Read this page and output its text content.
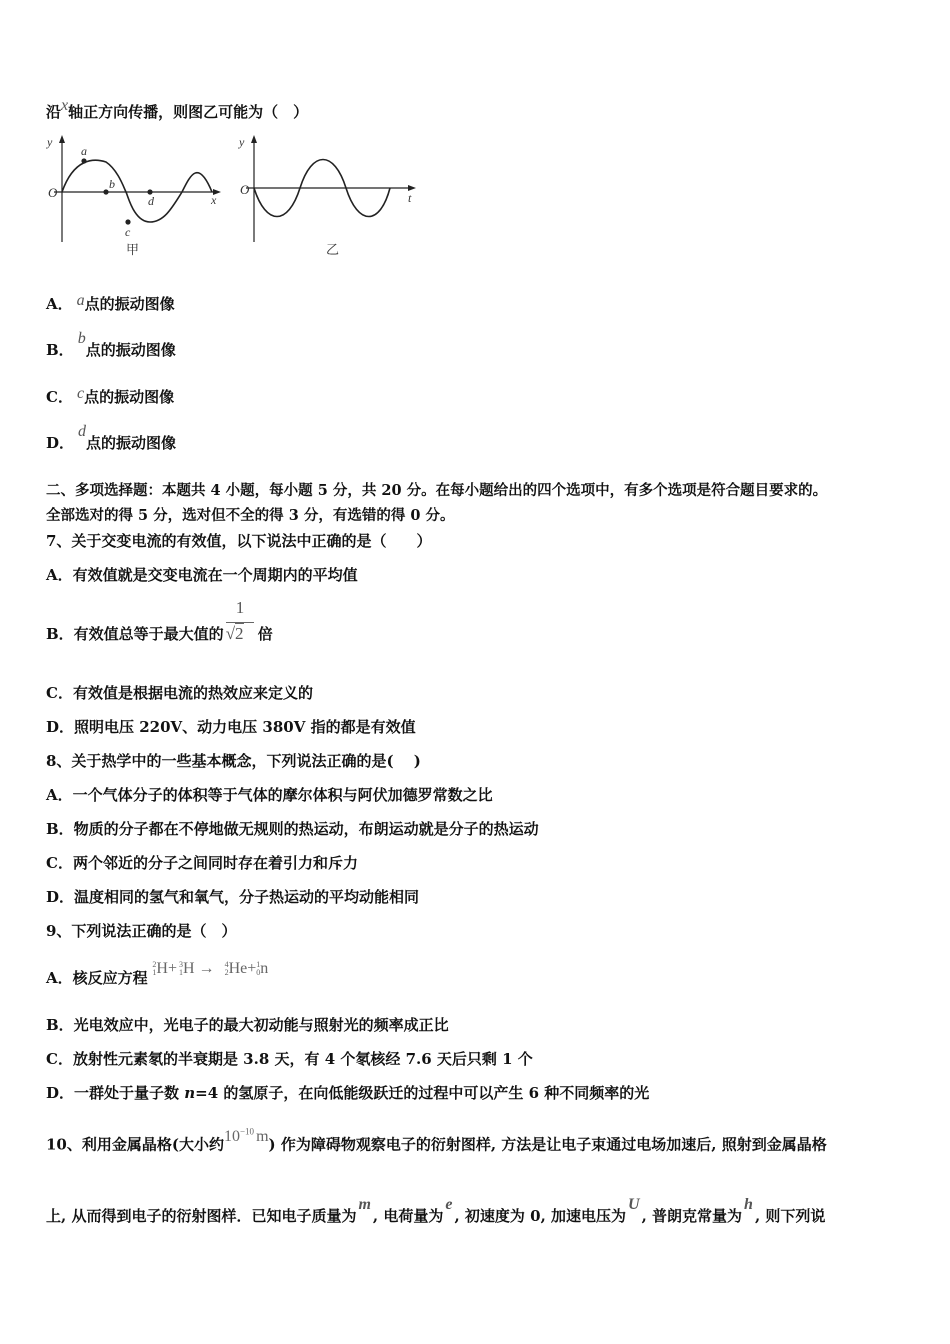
沿x轴正方向传播，则图乙可能为（　）
y
O	x
a
b
c
d
甲
y
O
t
乙
A． a点的振动图像
B．b点的振动图像
C． c点的振动图像
D．d点的振动图像
二、多项选择题：本题共 4 小题，每小题 5 分，共 20 分。在每小题给出的四个选项中，有多个选项是符合题目要求的。
全部选对的得 5 分，选对但不全的得 3 分，有选错的得 0 分。
7、关于交变电流的有效值，以下说法中正确的是（　　）
A．有效值就是交变电流在一个周期内的平均值
B．有效值总等于最大值的 $\frac{1}{√2}$ 倍
C．有效值是根据电流的热效应来定义的
D．照明电压 220V、动力电压 380V 指的都是有效值
8、关于热学中的一些基本概念，下列说法正确的是(　 )
A．一个气体分子的体积等于气体的摩尔体积与阿伏加德罗常数之比
B．物质的分子都在不停地做无规则的热运动，布朗运动就是分子的热运动
C．两个邻近的分子之间同时存在着引力和斥力
D．温度相同的氢气和氧气，分子热运动的平均动能相同
9、下列说法正确的是（　）
A．核反应方程 2
1H+ 3
1H → 4
2He+1
0n
B．光电效应中，光电子的最大初动能与照射光的频率成正比
C．放射性元素氡的半衰期是 3.8 天，有 4 个氡核经 7.6 天后只剩 1 个
D．一群处于量子数 n=4 的氢原子，在向低能级跃迁的过程中可以产生 6 种不同频率的光
10、利用金属晶格(大小约$10^{-10}$ m) 作为障碍物观察电子的衍射图样, 方法是让电子束通过电场加速后, 照射到金属晶格
上, 从而得到电子的衍射图样．已知电子质量为m, 电荷量为e, 初速度为 0, 加速电压为U, 普朗克常量为h, 则下列说
